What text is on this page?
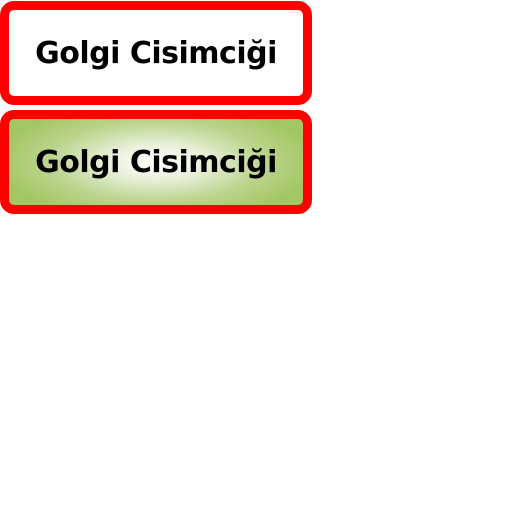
Golgi Cisimciği
Golgi Cisimciği
